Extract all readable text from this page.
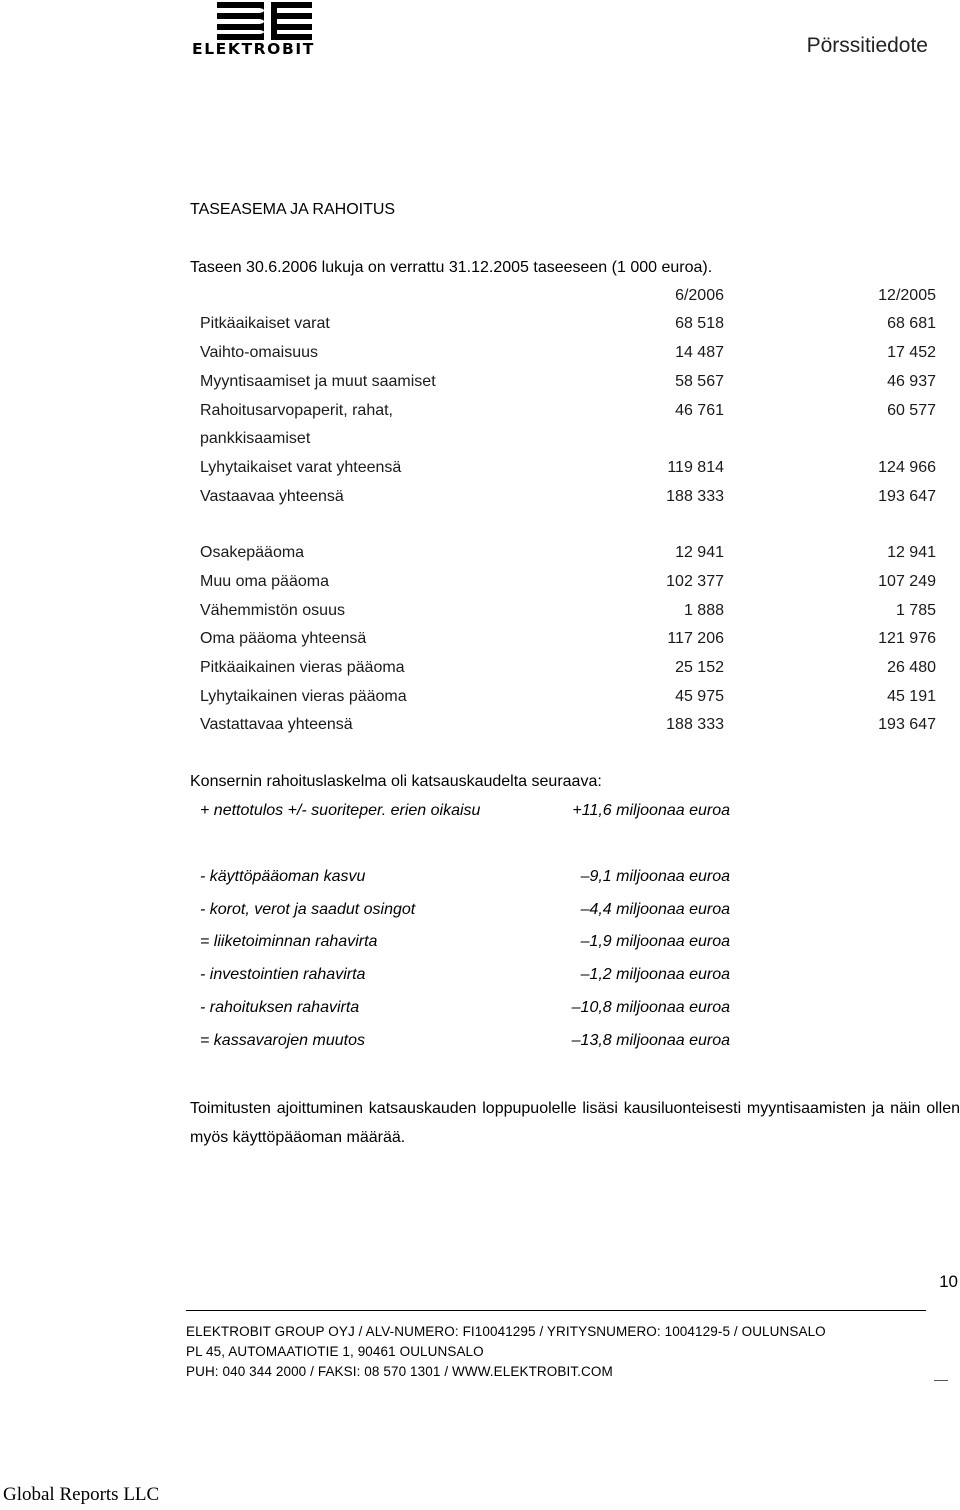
ELEKTROBIT	Pörssitiedote
TASEASEMA JA RAHOITUS
Taseen 30.6.2006 lukuja on verrattu 31.12.2005 taseeseen (1 000 euroa).
6/2006	12/2005
Pitkäaikaiset varat	68 518	68 681
Vaihto-omaisuus	14 487	17 452
Myyntisaamiset ja muut saamiset	58 567	46 937
Rahoitusarvopaperit, rahat,	46 761	60 577
pankkisaamiset
Lyhytaikaiset varat yhteensä	119 814	124 966
Vastaavaa yhteensä	188 333	193 647
Osakepääoma	12 941	12 941
Muu oma pääoma	102 377	107 249
Vähemmistön osuus	1 888	1 785
Oma pääoma yhteensä	117 206	121 976
Pitkäaikainen vieras pääoma	25 152	26 480
Lyhytaikainen vieras pääoma	45 975	45 191
Vastattavaa yhteensä	188 333	193 647
Konsernin rahoituslaskelma oli katsauskaudelta seuraava:
+ nettotulos +/- suoriteper. erien oikaisu	+11,6 miljoonaa euroa
- käyttöpääoman kasvu	–9,1 miljoonaa euroa
- korot, verot ja saadut osingot	–4,4 miljoonaa euroa
= liiketoiminnan rahavirta	–1,9 miljoonaa euroa
- investointien rahavirta	–1,2 miljoonaa euroa
- rahoituksen rahavirta	–10,8 miljoonaa euroa
= kassavarojen muutos	–13,8 miljoonaa euroa
Toimitusten ajoittuminen katsauskauden loppupuolelle lisäsi kausiluonteisesti myyntisaamisten ja näin ollen myös käyttöpääoman määrää.
10
ELEKTROBIT GROUP OYJ / ALV-NUMERO: FI10041295 / YRITYSNUMERO: 1004129-5 / OULUNSALO
PL 45, AUTOMAATIOTIE 1, 90461 OULUNSALO
PUH: 040 344 2000 / FAKSI: 08 570 1301 / WWW.ELEKTROBIT.COM
Global Reports LLC
